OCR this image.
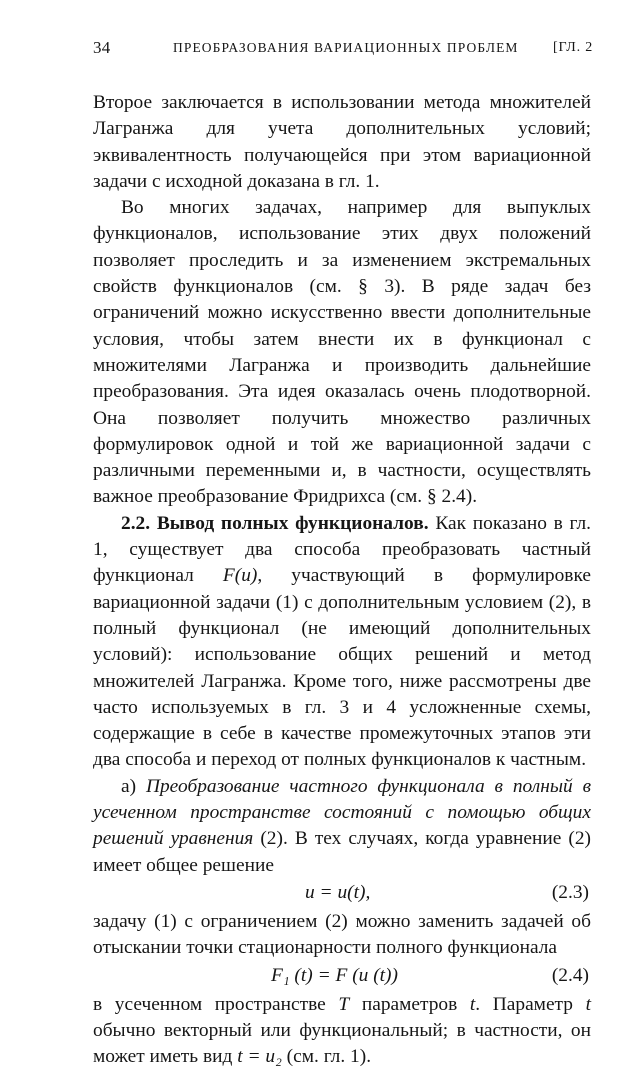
34	ПРЕОБРАЗОВАНИЯ ВАРИАЦИОННЫХ ПРОБЛЕМ [ГЛ. 2

Второе заключается в использовании метода множителей Лагранжа для учета дополнительных условий; эквивалентность получающейся при этом вариационной задачи с исходной доказана в гл. 1.

Во многих задачах, например для выпуклых функционалов, использование этих двух положений позволяет проследить и за изменением экстремальных свойств функционалов (см. § 3). В ряде задач без ограничений можно искусственно ввести дополнительные условия, чтобы затем внести их в функционал с множителями Лагранжа и производить дальнейшие преобразования. Эта идея оказалась очень плодотворной. Она позволяет получить множество различных формулировок одной и той же вариационной задачи с различными переменными и, в частности, осуществлять важное преобразование Фридрихса (см. § 2.4).

2.2. Вывод полных функционалов. Как показано в гл. 1, существует два способа преобразовать частный функционал F(u), участвующий в формулировке вариационной задачи (1) с дополнительным условием (2), в полный функционал (не имеющий дополнительных условий): использование общих решений и метод множителей Лагранжа. Кроме того, ниже рассмотрены две часто используемых в гл. 3 и 4 усложненные схемы, содержащие в себе в качестве промежуточных этапов эти два способа и переход от полных функционалов к частным.

а) Преобразование частного функционала в полный в усеченном пространстве состояний с помощью общих решений уравнения (2). В тех случаях, когда уравнение (2) имеет общее решение

u = u(t),	(2.3)

задачу (1) с ограничением (2) можно заменить задачей об отыскании точки стационарности полного функционала

F₁ (t) = F (u (t))	(2.4)

в усеченном пространстве T параметров t. Параметр t обычно векторный или функциональный; в частности, он может иметь вид t = u₂ (см. гл. 1).
